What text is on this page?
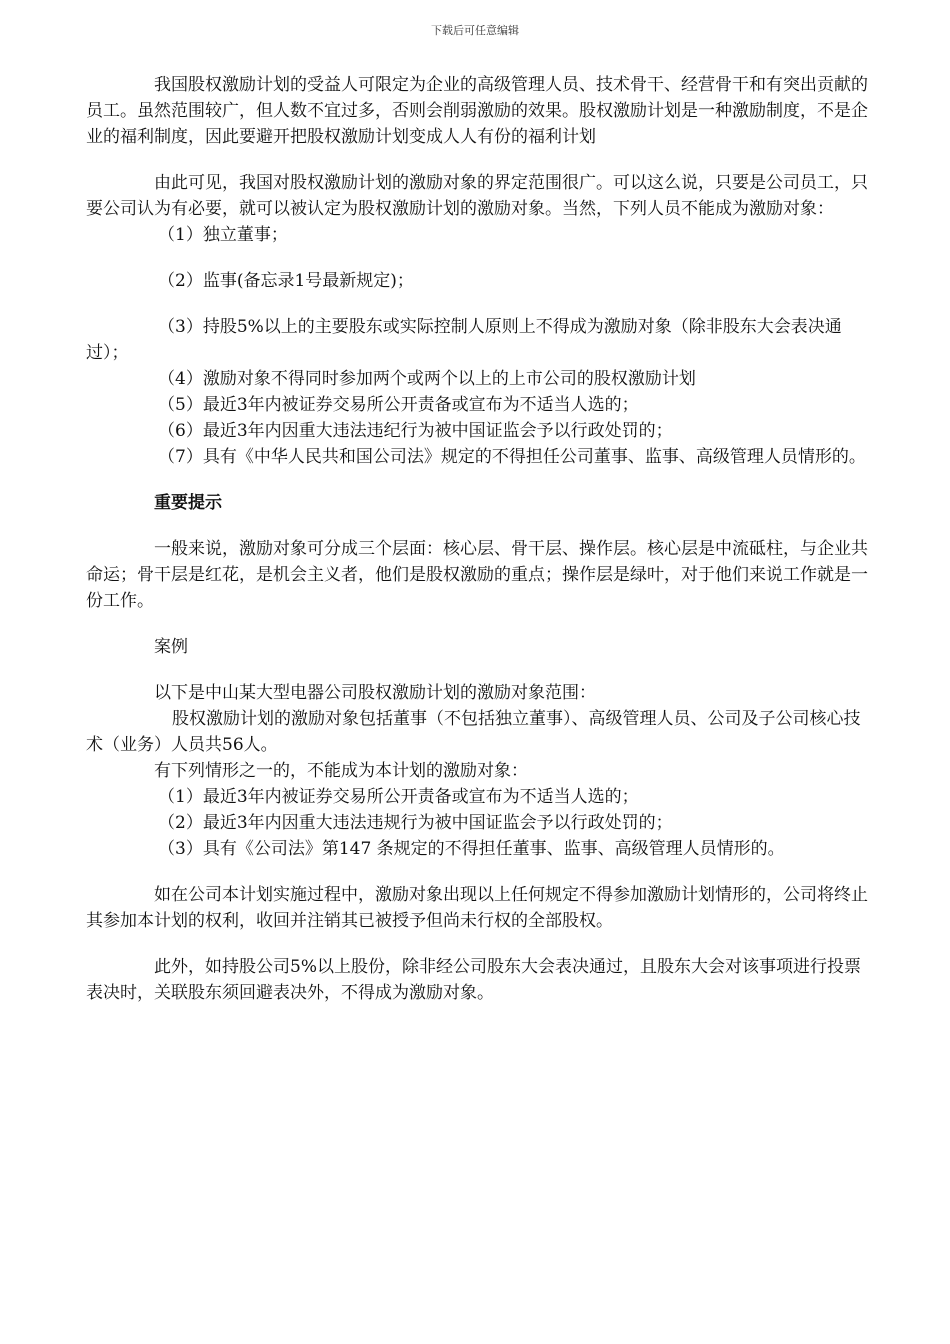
下载后可任意编辑

我国股权激励计划的受益人可限定为企业的高级管理人员、技术骨干、经营骨干和有突出贡献的员工。虽然范围较广，但人数不宜过多，否则会削弱激励的效果。股权激励计划是一种激励制度，不是企业的福利制度，因此要避开把股权激励计划变成人人有份的福利计划

由此可见，我国对股权激励计划的激励对象的界定范围很广。可以这么说，只要是公司员工，只要公司认为有必要，就可以被认定为股权激励计划的激励对象。当然，下列人员不能成为激励对象：

（1）独立董事；

（2）监事(备忘录1号最新规定)；

（3）持股5%以上的主要股东或实际控制人原则上不得成为激励对象（除非股东大会表决通过）；

（4）激励对象不得同时参加两个或两个以上的上市公司的股权激励计划

（5）最近3年内被证券交易所公开责备或宣布为不适当人选的；

（6）最近3年内因重大违法违纪行为被中国证监会予以行政处罚的；

（7）具有《中华人民共和国公司法》规定的不得担任公司董事、监事、高级管理人员情形的。

重要提示

一般来说，激励对象可分成三个层面：核心层、骨干层、操作层。核心层是中流砥柱，与企业共命运；骨干层是红花，是机会主义者，他们是股权激励的重点；操作层是绿叶，对于他们来说工作就是一份工作。

案例

以下是中山某大型电器公司股权激励计划的激励对象范围：

股权激励计划的激励对象包括董事（不包括独立董事）、高级管理人员、公司及子公司核心技术（业务）人员共56人。

有下列情形之一的，不能成为本计划的激励对象：

（1）最近3年内被证券交易所公开责备或宣布为不适当人选的；

（2）最近3年内因重大违法违规行为被中国证监会予以行政处罚的；

（3）具有《公司法》第147 条规定的不得担任董事、监事、高级管理人员情形的。

如在公司本计划实施过程中，激励对象出现以上任何规定不得参加激励计划情形的，公司将终止其参加本计划的权利，收回并注销其已被授予但尚未行权的全部股权。

此外，如持股公司5%以上股份，除非经公司股东大会表决通过，且股东大会对该事项进行投票表决时，关联股东须回避表决外，不得成为激励对象。
